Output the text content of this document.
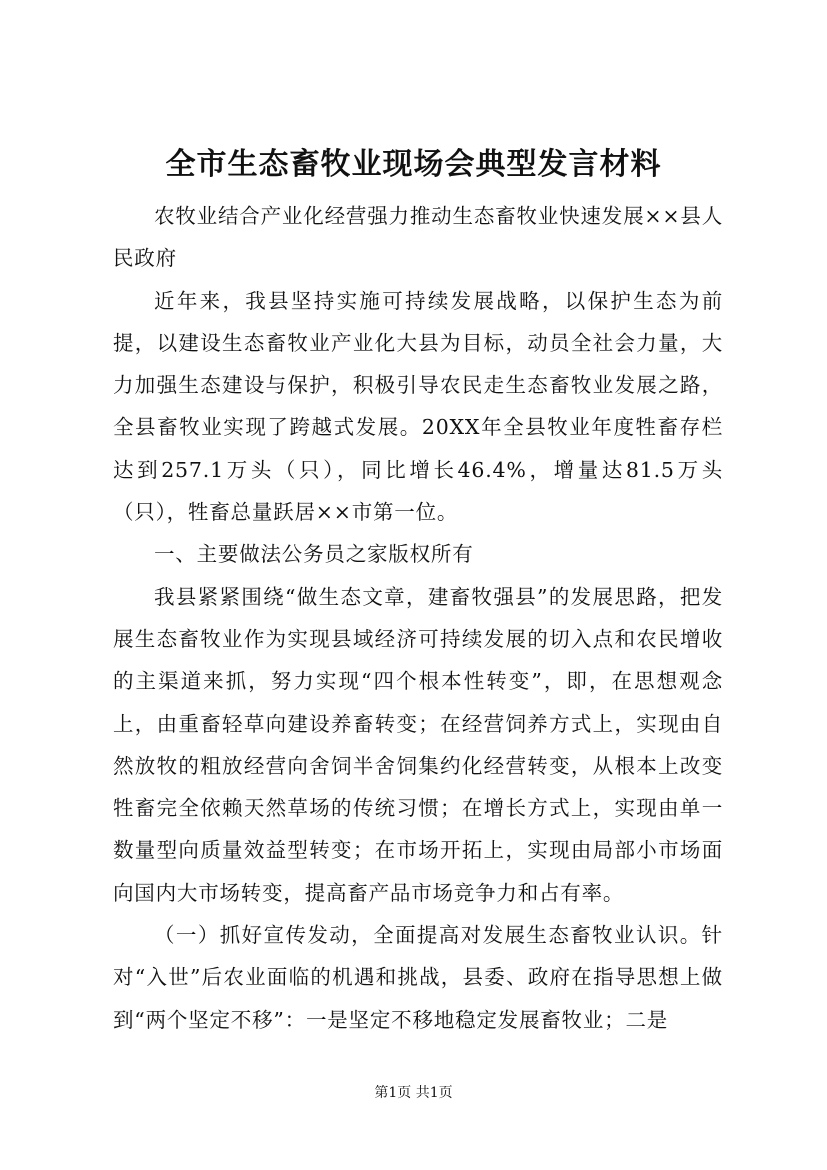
全市生态畜牧业现场会典型发言材料

农牧业结合产业化经营强力推动生态畜牧业快速发展××县人民政府

近年来，我县坚持实施可持续发展战略，以保护生态为前提，以建设生态畜牧业产业化大县为目标，动员全社会力量，大力加强生态建设与保护，积极引导农民走生态畜牧业发展之路，全县畜牧业实现了跨越式发展。20XX年全县牧业年度牲畜存栏达到257.1万头（只），同比增长46.4%，增量达81.5万头（只），牲畜总量跃居××市第一位。

一、主要做法公务员之家版权所有

我县紧紧围绕“做生态文章，建畜牧强县”的发展思路，把发展生态畜牧业作为实现县域经济可持续发展的切入点和农民增收的主渠道来抓，努力实现“四个根本性转变”，即，在思想观念上，由重畜轻草向建设养畜转变；在经营饲养方式上，实现由自然放牧的粗放经营向舍饲半舍饲集约化经营转变，从根本上改变牲畜完全依赖天然草场的传统习惯；在增长方式上，实现由单一数量型向质量效益型转变；在市场开拓上，实现由局部小市场面向国内大市场转变，提高畜产品市场竞争力和占有率。

（一）抓好宣传发动，全面提高对发展生态畜牧业认识。针对“入世”后农业面临的机遇和挑战，县委、政府在指导思想上做到“两个坚定不移”：一是坚定不移地稳定发展畜牧业；二是

第1页 共1页
